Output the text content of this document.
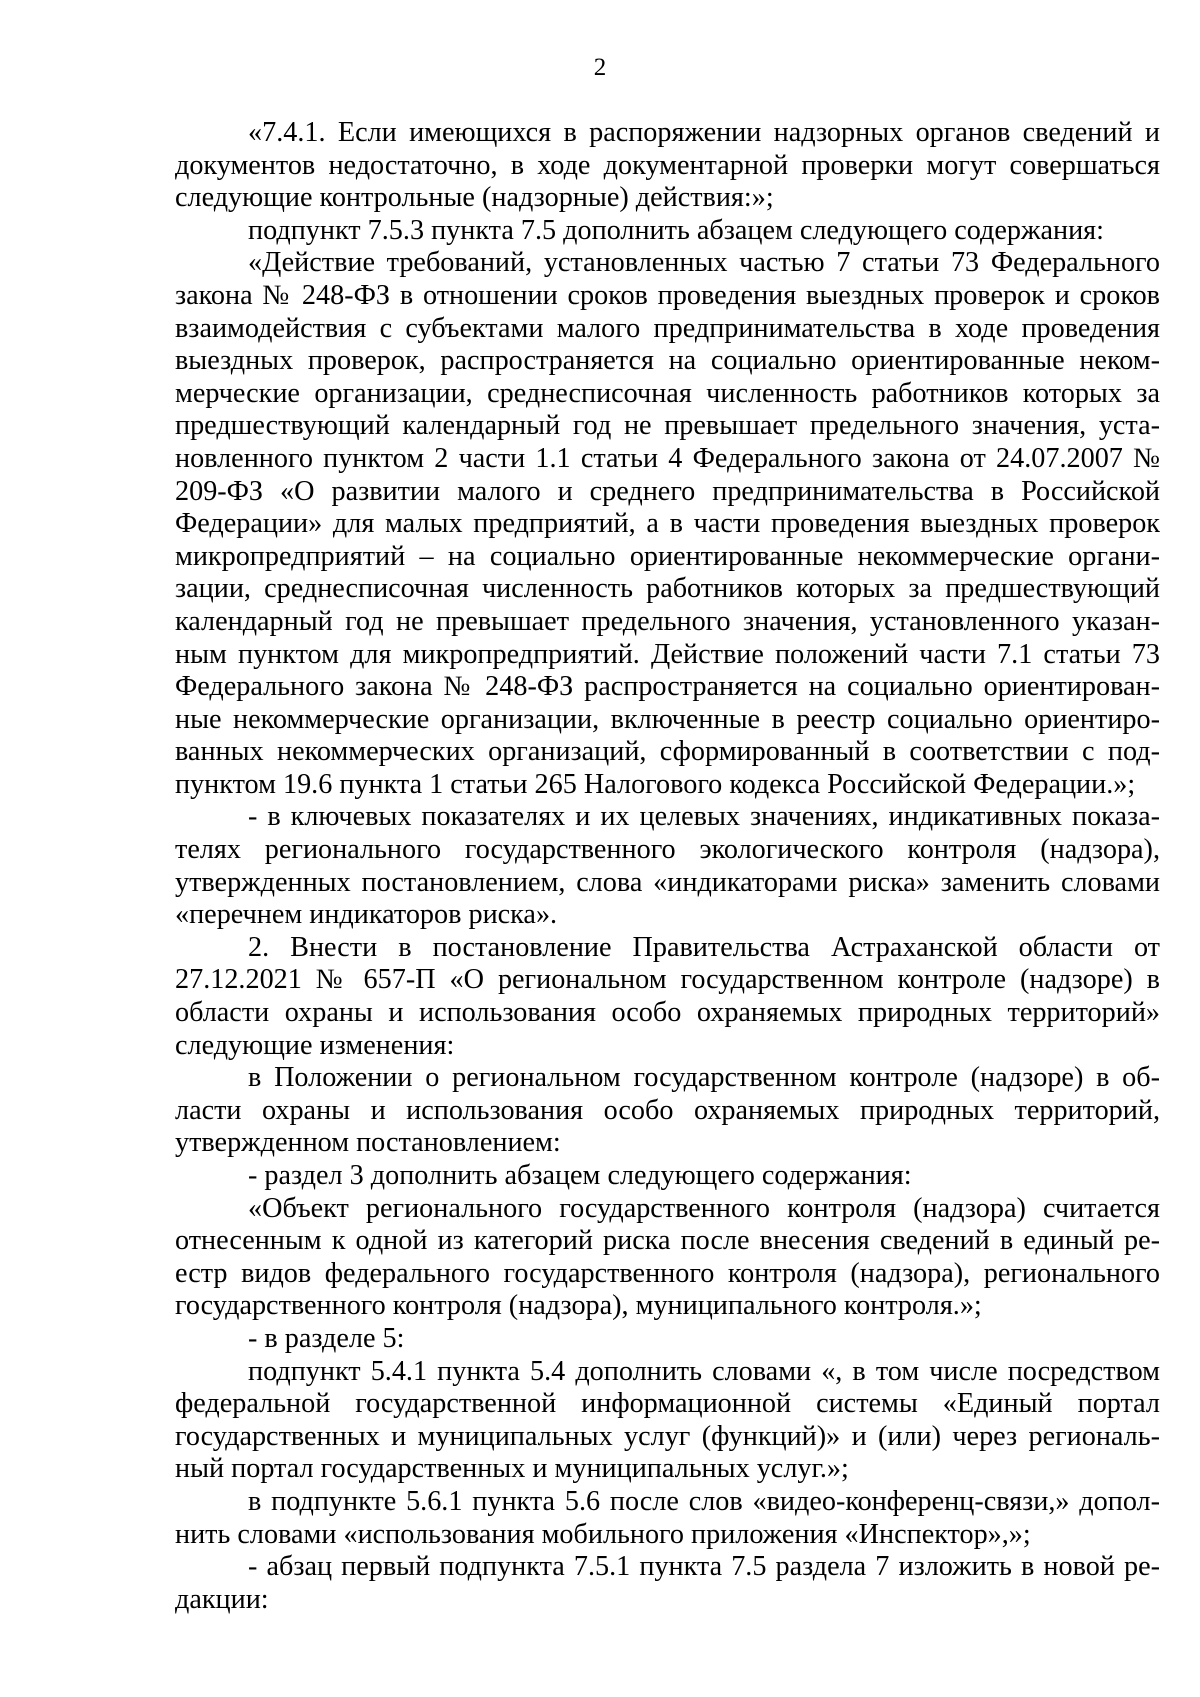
2

«7.4.1. Если имеющихся в распоряжении надзорных органов сведений и документов недостаточно, в ходе документарной проверки могут совершаться следующие контрольные (надзорные) действия:»;

подпункт 7.5.3 пункта 7.5 дополнить абзацем следующего содержания:

«Действие требований, установленных частью 7 статьи 73 Федерального закона № 248-ФЗ в отношении сроков проведения выездных проверок и сроков взаимодействия с субъектами малого предпринимательства в ходе проведения выездных проверок, распространяется на социально ориентированные некоммерческие организации, среднесписочная численность работников которых за предшествующий календарный год не превышает предельного значения, установленного пунктом 2 части 1.1 статьи 4 Федерального закона от 24.07.2007 № 209-ФЗ «О развитии малого и среднего предпринимательства в Российской Федерации» для малых предприятий, а в части проведения выездных проверок микропредприятий – на социально ориентированные некоммерческие организации, среднесписочная численность работников которых за предшествующий календарный год не превышает предельного значения, установленного указанным пунктом для микропредприятий. Действие положений части 7.1 статьи 73 Федерального закона № 248-ФЗ распространяется на социально ориентированные некоммерческие организации, включенные в реестр социально ориентированных некоммерческих организаций, сформированный в соответствии с подпунктом 19.6 пункта 1 статьи 265 Налогового кодекса Российской Федерации.»;

- в ключевых показателях и их целевых значениях, индикативных показателях регионального государственного экологического контроля (надзора), утвержденных постановлением, слова «индикаторами риска» заменить словами «перечнем индикаторов риска».

2. Внести в постановление Правительства Астраханской области от 27.12.2021 № 657-П «О региональном государственном контроле (надзоре) в области охраны и использования особо охраняемых природных территорий» следующие изменения:

в Положении о региональном государственном контроле (надзоре) в области охраны и использования особо охраняемых природных территорий, утвержденном постановлением:

- раздел 3 дополнить абзацем следующего содержания:

«Объект регионального государственного контроля (надзора) считается отнесенным к одной из категорий риска после внесения сведений в единый реестр видов федерального государственного контроля (надзора), регионального государственного контроля (надзора), муниципального контроля.»;

- в разделе 5:

подпункт 5.4.1 пункта 5.4 дополнить словами «, в том числе посредством федеральной государственной информационной системы «Единый портал государственных и муниципальных услуг (функций)» и (или) через региональный портал государственных и муниципальных услуг.»;

в подпункте 5.6.1 пункта 5.6 после слов «видео-конференц-связи,» дополнить словами «использования мобильного приложения «Инспектор»,»;

- абзац первый подпункта 7.5.1 пункта 7.5 раздела 7 изложить в новой редакции:
